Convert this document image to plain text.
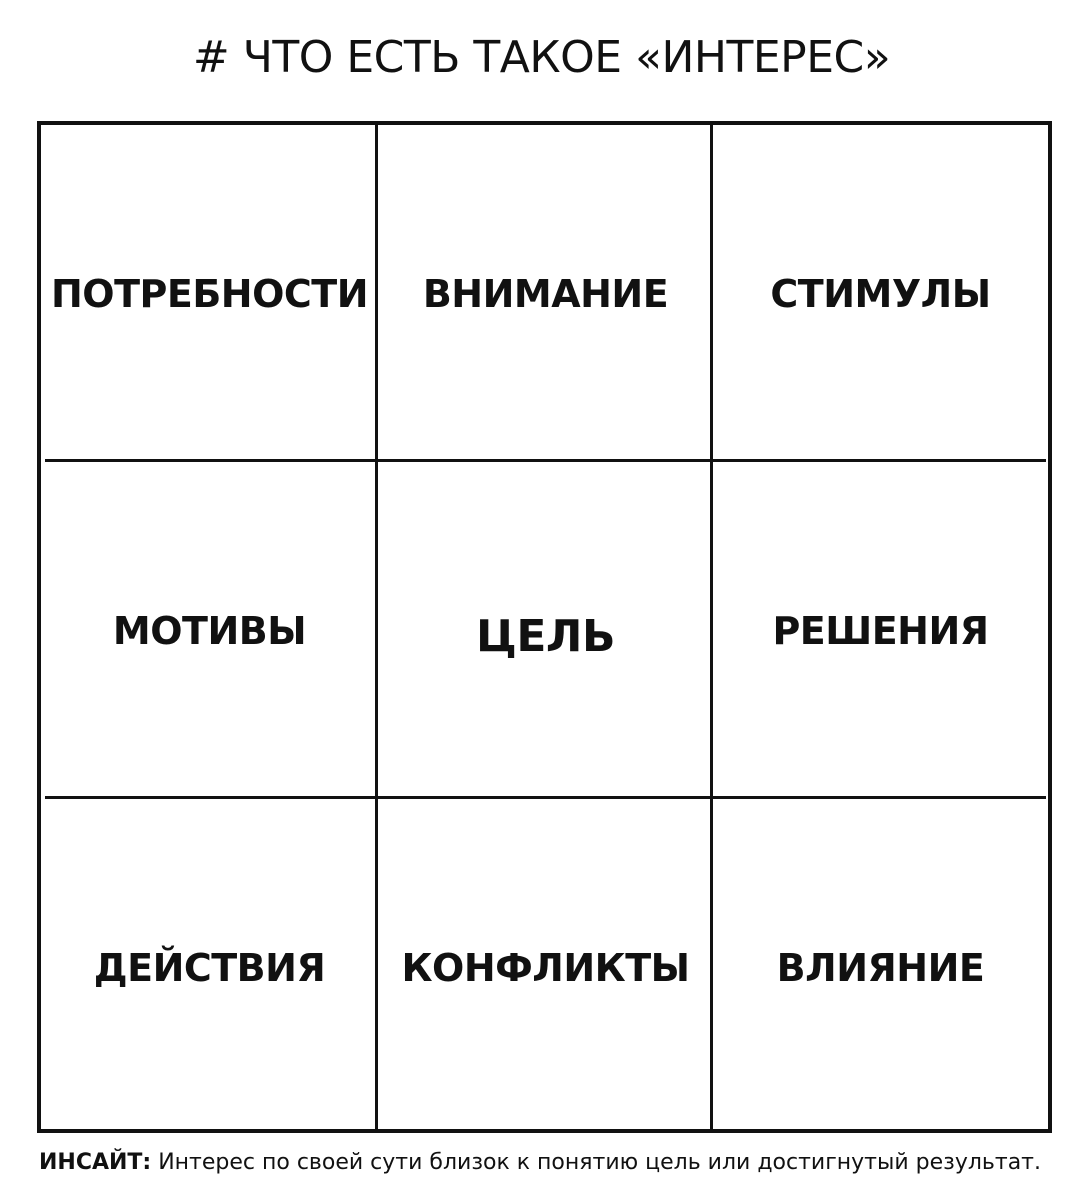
# ЧТО ЕСТЬ ТАКОЕ «ИНТЕРЕС»
ПОТРЕБНОСТИ	ВНИМАНИЕ	СТИМУЛЫ
МОТИВЫ	ЦЕЛЬ	РЕШЕНИЯ
ДЕЙСТВИЯ	КОНФЛИКТЫ	ВЛИЯНИЕ
ИНСАЙТ: Интерес по своей сути близок к понятию цель или достигнутый результат.
